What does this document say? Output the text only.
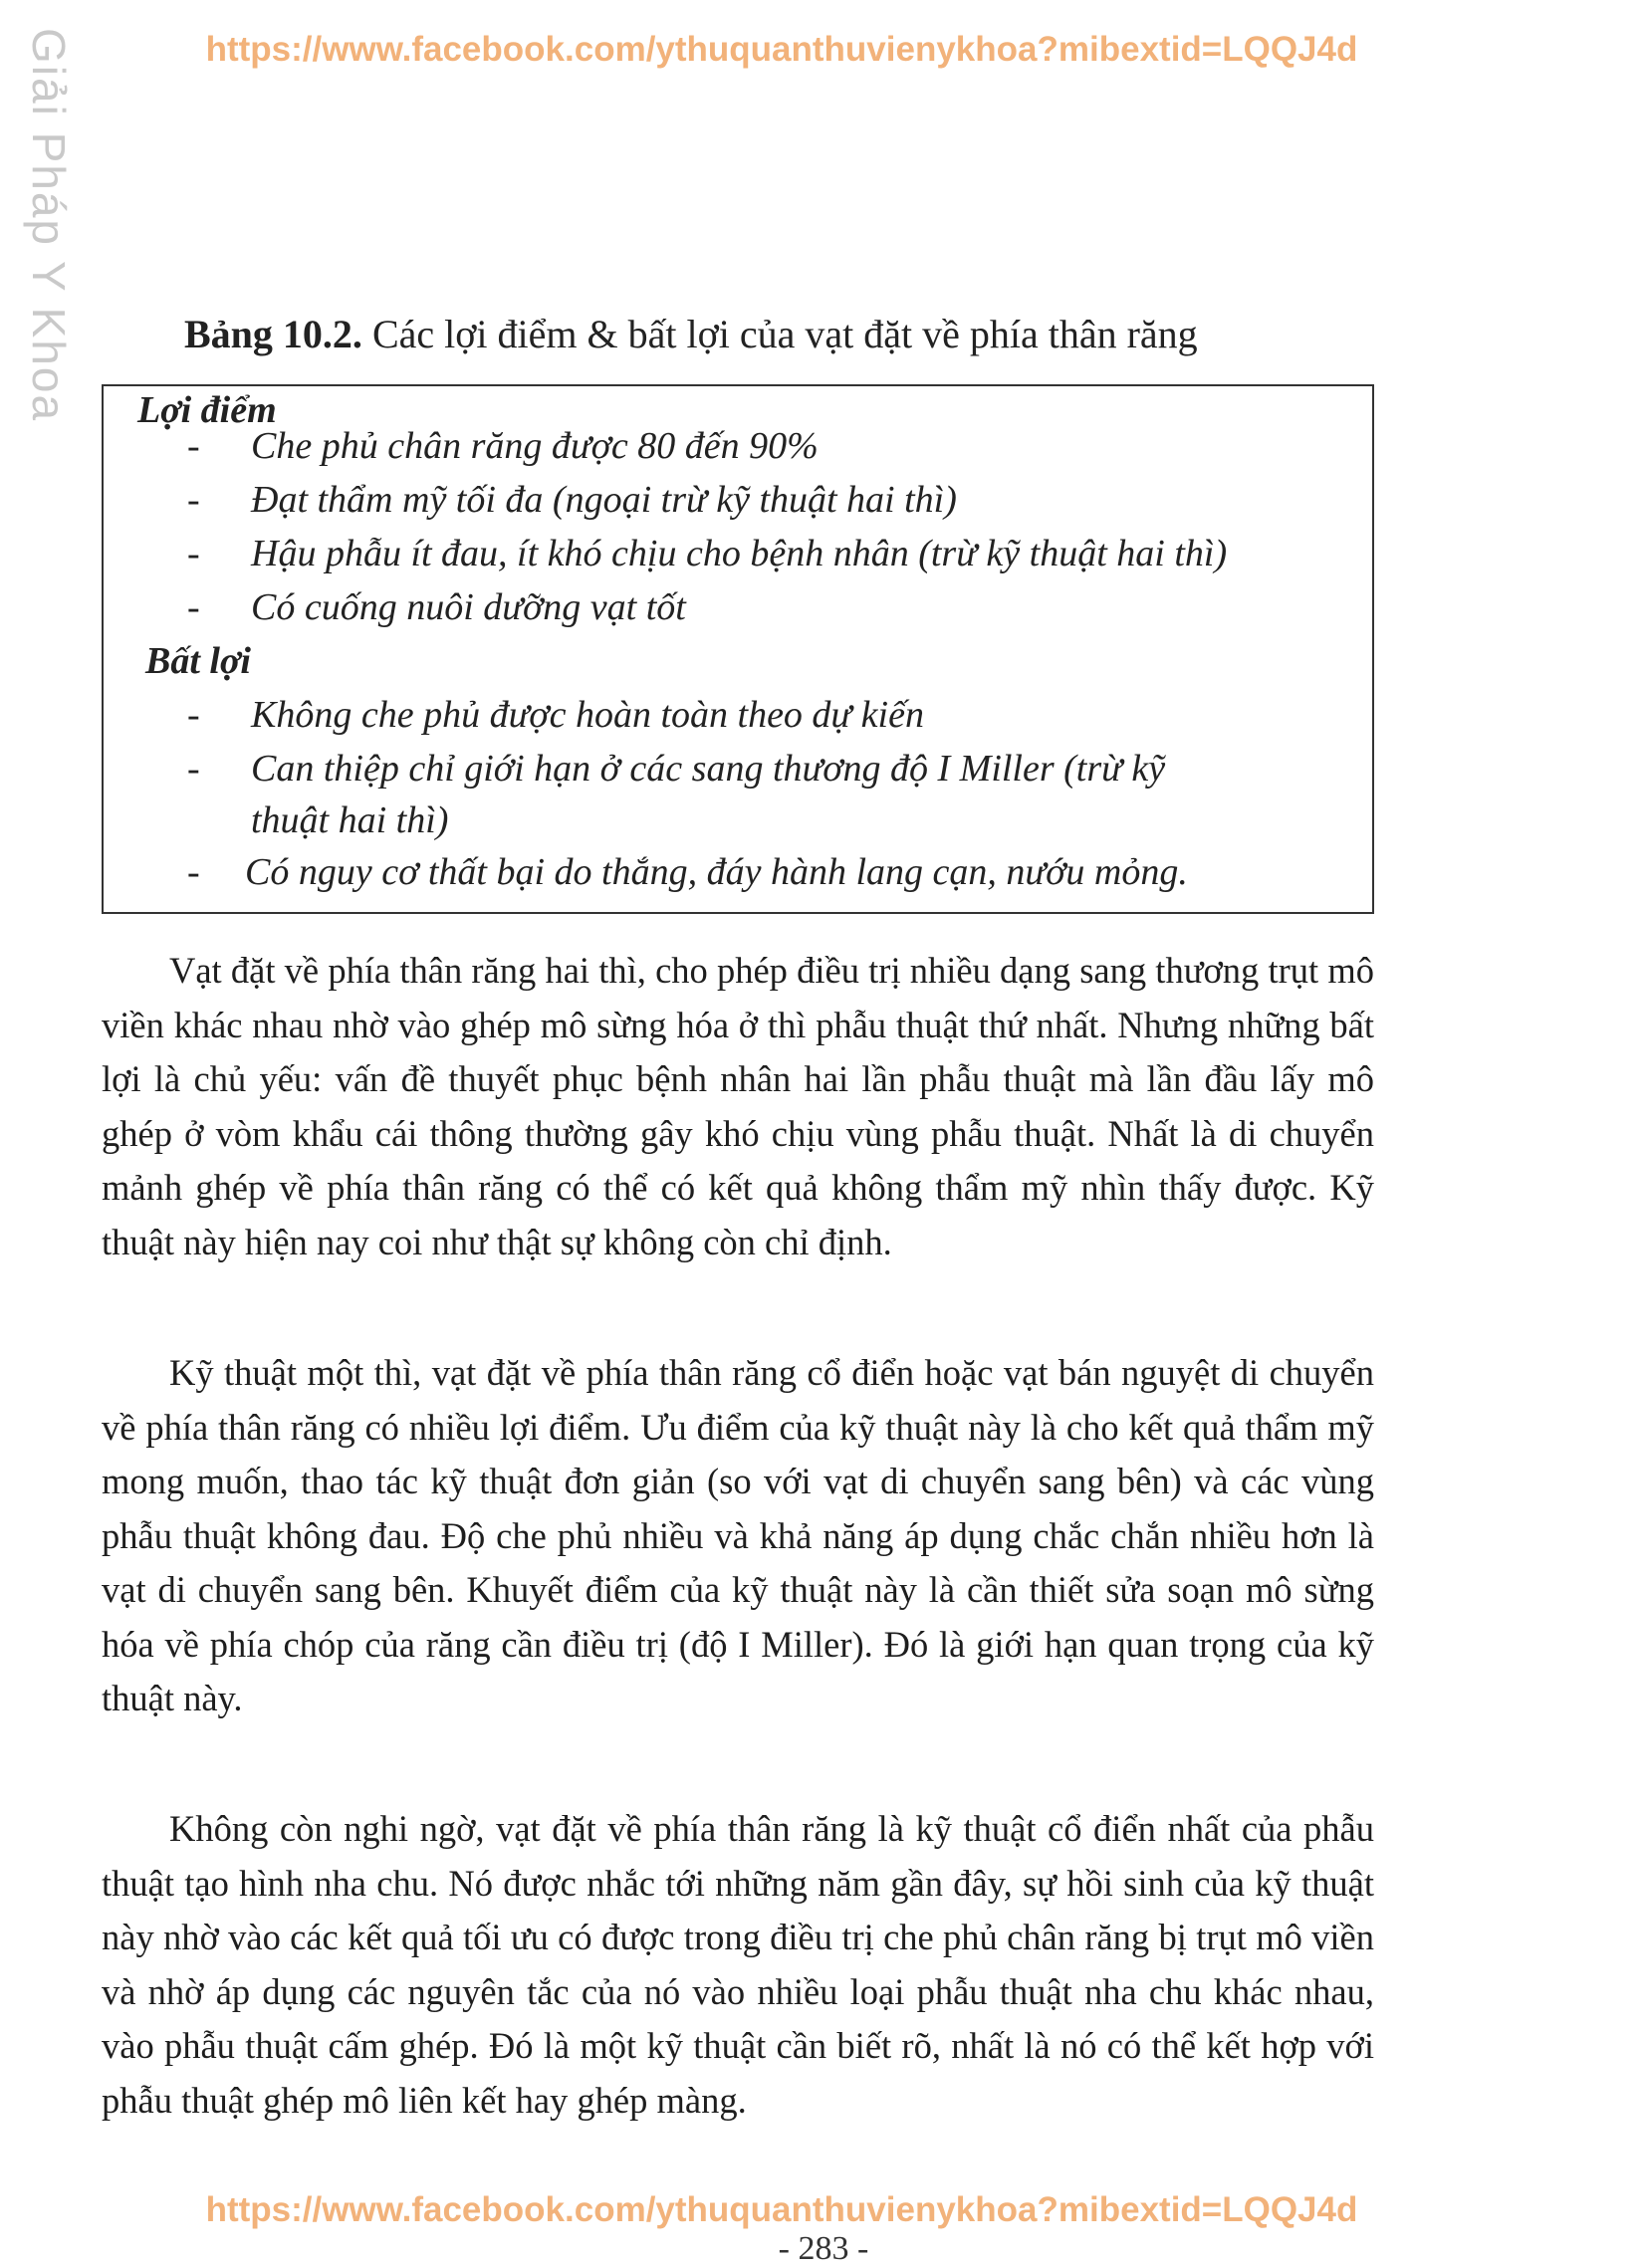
Giải Pháp Y Khoa	https://www.facebook.com/ythuquanthuvienykhoa?mibextid=LQQJ4d
Bảng 10.2. Các lợi điểm & bất lợi của vạt đặt về phía thân răng
Lợi điểm
- Che phủ chân răng được 80 đến 90%
- Đạt thẩm mỹ tối đa (ngoại trừ kỹ thuật hai thì)
- Hậu phẫu ít đau, ít khó chịu cho bệnh nhân (trừ kỹ thuật hai thì)
- Có cuống nuôi dưỡng vạt tốt
Bất lợi
- Không che phủ được hoàn toàn theo dự kiến
- Can thiệp chỉ giới hạn ở các sang thương độ I Miller (trừ kỹ
thuật hai thì)
- Có nguy cơ thất bại do thắng, đáy hành lang cạn, nướu mỏng.

Vạt đặt về phía thân răng hai thì, cho phép điều trị nhiều dạng sang thương trụt mô viền khác nhau nhờ vào ghép mô sừng hóa ở thì phẫu thuật thứ nhất. Nhưng những bất lợi là chủ yếu: vấn đề thuyết phục bệnh nhân hai lần phẫu thuật mà lần đầu lấy mô ghép ở vòm khẩu cái thông thường gây khó chịu vùng phẫu thuật. Nhất là di chuyển mảnh ghép về phía thân răng có thể có kết quả không thẩm mỹ nhìn thấy được. Kỹ thuật này hiện nay coi như thật sự không còn chỉ định.

Kỹ thuật một thì, vạt đặt về phía thân răng cổ điển hoặc vạt bán nguyệt di chuyển về phía thân răng có nhiều lợi điểm. Ưu điểm của kỹ thuật này là cho kết quả thẩm mỹ mong muốn, thao tác kỹ thuật đơn giản (so với vạt di chuyển sang bên) và các vùng phẫu thuật không đau. Độ che phủ nhiều và khả năng áp dụng chắc chắn nhiều hơn là vạt di chuyển sang bên. Khuyết điểm của kỹ thuật này là cần thiết sửa soạn mô sừng hóa về phía chóp của răng cần điều trị (độ I Miller). Đó là giới hạn quan trọng của kỹ thuật này.

Không còn nghi ngờ, vạt đặt về phía thân răng là kỹ thuật cổ điển nhất của phẫu thuật tạo hình nha chu. Nó được nhắc tới những năm gần đây, sự hồi sinh của kỹ thuật này nhờ vào các kết quả tối ưu có được trong điều trị che phủ chân răng bị trụt mô viền và nhờ áp dụng các nguyên tắc của nó vào nhiều loại phẫu thuật nha chu khác nhau, vào phẫu thuật cấm ghép. Đó là một kỹ thuật cần biết rõ, nhất là nó có thể kết hợp với phẫu thuật ghép mô liên kết hay ghép màng.

https://www.facebook.com/ythuquanthuvienykhoa?mibextid=LQQJ4d
- 283 -
